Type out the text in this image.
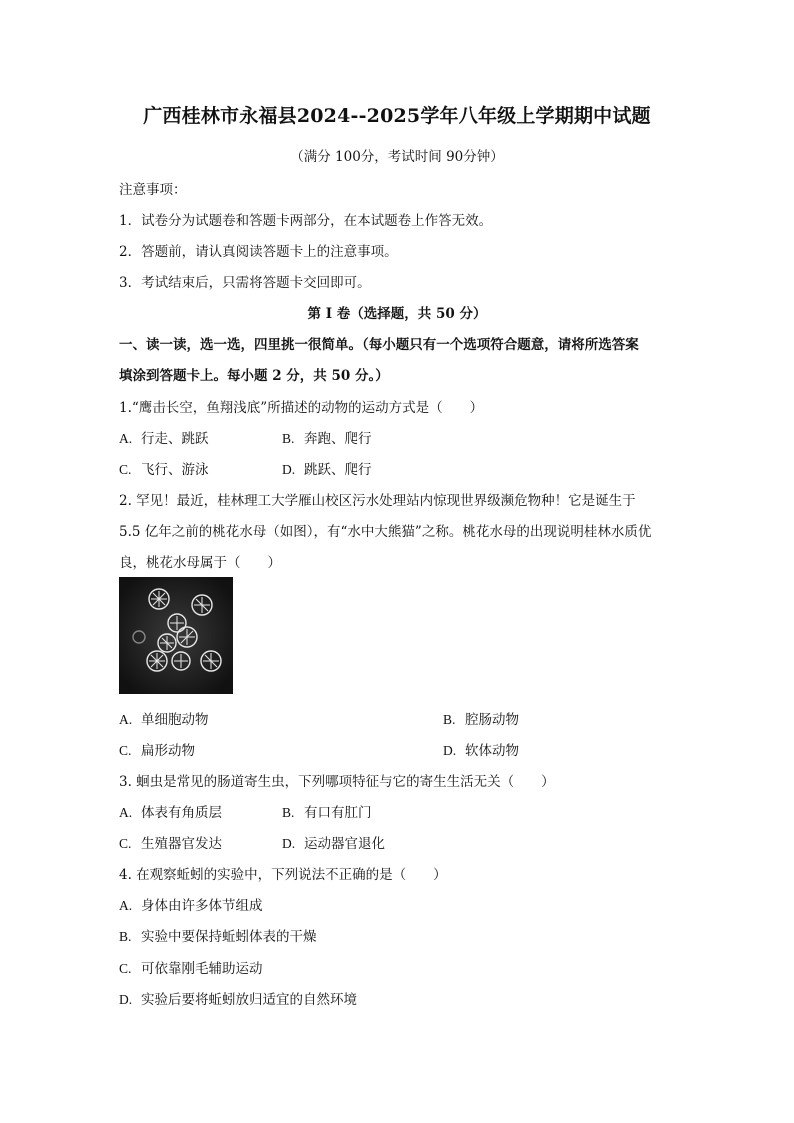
广西桂林市永福县2024--2025学年八年级上学期期中试题
（满分 100分，考试时间 90分钟）
注意事项：
1．试卷分为试题卷和答题卡两部分，在本试题卷上作答无效。
2．答题前，请认真阅读答题卡上的注意事项。
3．考试结束后，只需将答题卡交回即可。
第 I 卷（选择题，共 50 分）
一、读一读，选一选，四里挑一很简单。（每小题只有一个选项符合题意，请将所选答案
填涂到答题卡上。每小题 2 分，共 50 分。）
1.“鹰击长空，鱼翔浅底”所描述的动物的运动方式是（　　）
A. 行走、跳跃	B. 奔跑、爬行
C. 飞行、游泳	D. 跳跃、爬行
2. 罕见！最近，桂林理工大学雁山校区污水处理站内惊现世界级濒危物种！它是诞生于
5.5 亿年之前的桃花水母（如图），有“水中大熊猫”之称。桃花水母的出现说明桂林水质优
良，桃花水母属于（　　）
A. 单细胞动物	B. 腔肠动物
C. 扁形动物	D. 软体动物
3. 蛔虫是常见的肠道寄生虫，下列哪项特征与它的寄生生活无关（　　）
A. 体表有角质层	B. 有口有肛门
C. 生殖器官发达	D. 运动器官退化
4. 在观察蚯蚓的实验中，下列说法不正确的是（　　）
A. 身体由许多体节组成
B. 实验中要保持蚯蚓体表的干燥
C. 可依靠刚毛辅助运动
D. 实验后要将蚯蚓放归适宜的自然环境
